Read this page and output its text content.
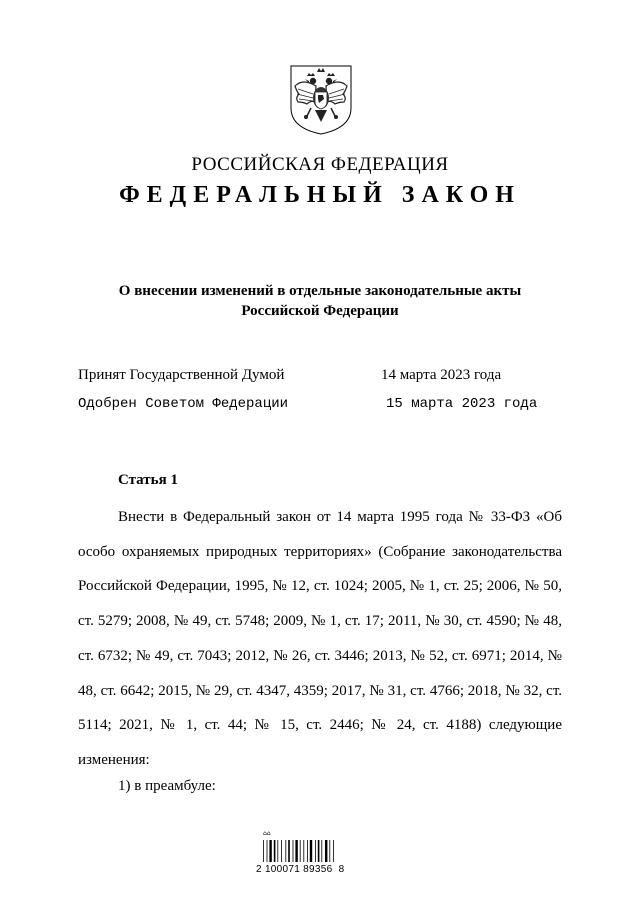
РОССИЙСКАЯ ФЕДЕРАЦИЯ
ФЕДЕРАЛЬНЫЙ ЗАКОН
О внесении изменений в отдельные законодательные акты
Российской Федерации
Принят Государственной Думой	14 марта 2023 года
Одобрен Советом Федерации	15 марта 2023 года
Статья 1
Внести в Федеральный закон от 14 марта 1995 года № 33-ФЗ «Об особо охраняемых природных территориях» (Собрание законодательства Российской Федерации, 1995, № 12, ст. 1024; 2005, № 1, ст. 25; 2006, № 50, ст. 5279; 2008, № 49, ст. 5748; 2009, № 1, ст. 17; 2011, № 30, ст. 4590; № 48, ст. 6732; № 49, ст. 7043; 2012, № 26, ст. 3446; 2013, № 52, ст. 6971; 2014, № 48, ст. 6642; 2015, № 29, ст. 4347, 4359; 2017, № 31, ст. 4766; 2018, № 32, ст. 5114; 2021, № 1, ст. 44; № 15, ст. 2446; № 24, ст. 4188) следующие изменения:
1) в преамбуле:
⌂⌂
2 100071 89356  8
